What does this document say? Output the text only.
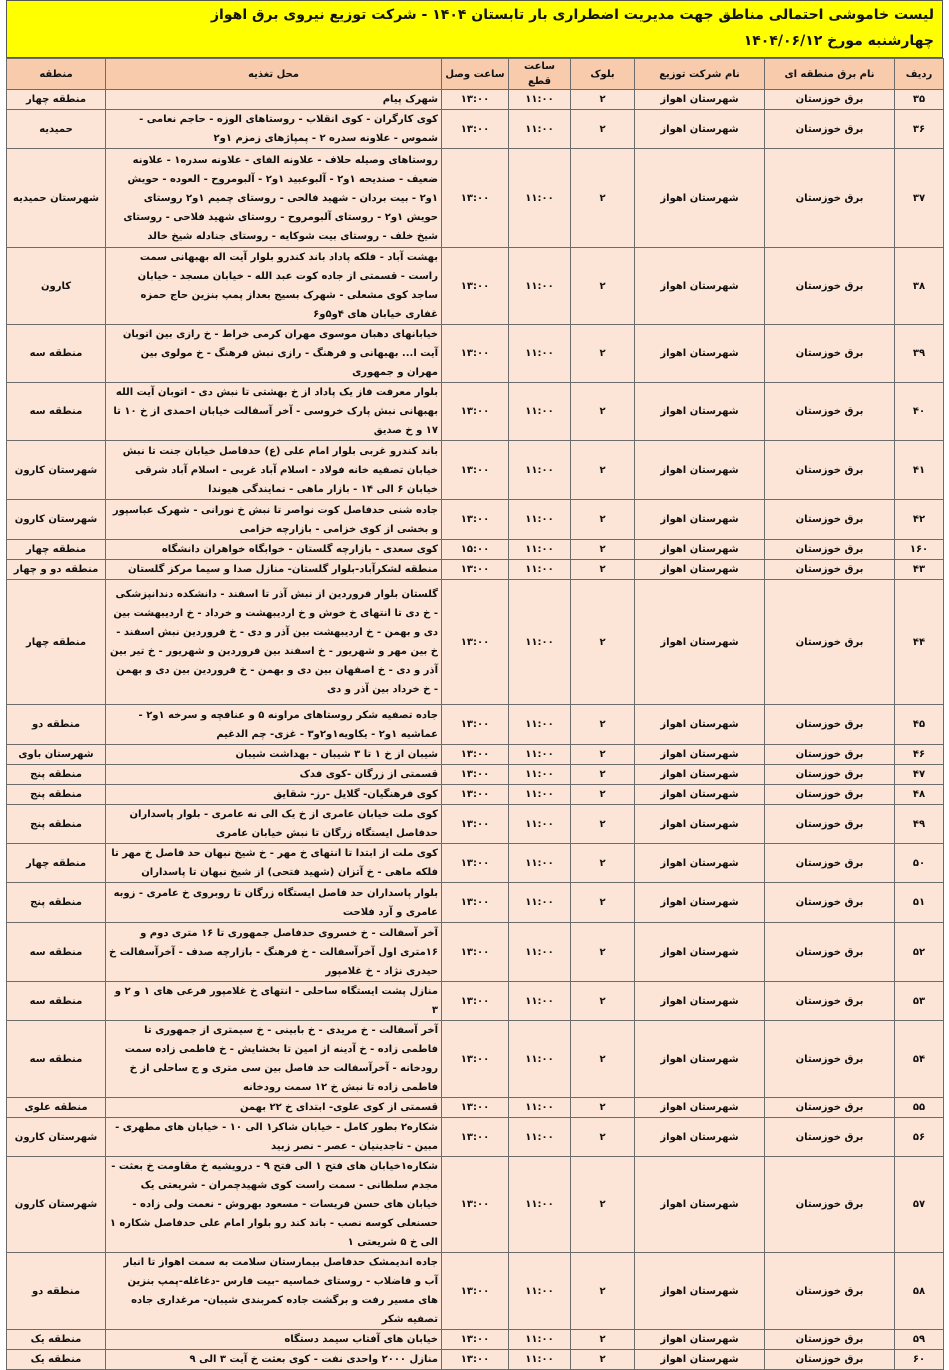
لیست خاموشی احتمالی مناطق جهت مدیریت اضطراری بار تابستان ۱۴۰۴ - شرکت توزیع نیروی برق اهواز
چهارشنبه مورخ ۱۴۰۴/۰۶/۱۲
ردیف	نام برق منطقه ای	نام شرکت توزیع	بلوک	ساعت قطع	ساعت وصل	محل تغذیه	منطقه
۳۵	برق خوزستان	شهرستان اهواز	۲	۱۱:۰۰	۱۳:۰۰	شهرک پیام	منطقه چهار
۳۶	برق خوزستان	شهرستان اهواز	۲	۱۱:۰۰	۱۳:۰۰	کوی کارگران - کوی انقلاب - روستاهای الوزه - حاجم نعامی - شموس - علاونه سدره ۲ - پمپاژهای زمزم ۱و۲	حمیدیه
۳۷	برق خوزستان	شهرستان اهواز	۲	۱۱:۰۰	۱۳:۰۰	روستاهای وصیله حلاف - علاونه الفای - علاونه سدره۱ - علاونه ضعیف - صندیحه ۱و۲ - آلبوعبید ۱و۲ - آلبومروح - العوده - حویش ۱و۲ - بیت بردان - شهید فالحی - روستای چمیم ۱و۲ روستای حویش ۱و۲ - روستای آلبومروح - روستای شهید فلاحی - روستای شیخ خلف - روستای بیت شوکایه - روستای جنادله شیخ خالد	شهرستان حمیدیه
۳۸	برق خوزستان	شهرستان اهواز	۲	۱۱:۰۰	۱۳:۰۰	بهشت آباد - فلکه پاداد باند کندرو بلوار آیت اله بهبهانی سمت راست - قسمتی از جاده کوت عبد الله - خیابان مسجد - خیابان ساجد کوی مشعلی - شهرک بسیج بعداز پمپ بنزین حاج حمزه غفاری خیابان های ۴و۵و۶	کارون
۳۹	برق خوزستان	شهرستان اهواز	۲	۱۱:۰۰	۱۳:۰۰	خیابانهای دهبان موسوی مهران کرمی خراط - خ رازی بین اتوبان آیت ا... بهبهانی و فرهنگ - رازی نبش فرهنگ - خ مولوی بین مهران و جمهوری	منطقه سه
۴۰	برق خوزستان	شهرستان اهواز	۲	۱۱:۰۰	۱۳:۰۰	بلوار معرفت فاز یک پاداد از خ بهشتی تا نبش دی - اتوبان آیت الله بهبهانی نبش پارک خروسی - آخر آسفالت خیابان احمدی از خ ۱۰ تا ۱۷ و خ صدیق	منطقه سه
۴۱	برق خوزستان	شهرستان اهواز	۲	۱۱:۰۰	۱۳:۰۰	باند کندرو غربی بلوار امام علی (ع) حدفاصل خیابان جنت تا نبش خیابان تصفیه خانه فولاد - اسلام آباد غربی - اسلام آباد شرقی خیابان ۶ الی ۱۴ - بازار ماهی - نمایندگی هیوندا	شهرستان کارون
۴۲	برق خوزستان	شهرستان اهواز	۲	۱۱:۰۰	۱۳:۰۰	جاده شنی حدفاصل کوت نواصر تا نبش خ نورانی - شهرک عباسپور و بخشی از کوی خزامی - بازارچه خزامی	شهرستان کارون
۱۶۰	برق خوزستان	شهرستان اهواز	۲	۱۱:۰۰	۱۵:۰۰	کوی سعدی - بازارچه گلستان - خوابگاه خواهران دانشگاه	منطقه چهار
۴۳	برق خوزستان	شهرستان اهواز	۲	۱۱:۰۰	۱۳:۰۰	منطقه لشکرآباد-بلوار گلستان- منازل صدا و سیما مرکز گلستان	منطقه دو و چهار
۴۴	برق خوزستان	شهرستان اهواز	۲	۱۱:۰۰	۱۳:۰۰	گلستان بلوار فروردین از نبش آذر تا اسفند - دانشکده دندانپزشکی - خ دی تا انتهای خ خوش و خ اردیبهشت و خرداد - خ اردیبهشت بین دی و بهمن - خ اردیبهشت بین آذر و دی - خ فروردین نبش اسفند - خ بین مهر و شهریور - خ اسفند بین فروردین و شهریور - خ تیر بین آذر و دی - خ اصفهان بین دی و بهمن - خ فروردین بین دی و بهمن - خ خرداد بین آذر و دی	منطقه چهار
۴۵	برق خوزستان	شهرستان اهواز	۲	۱۱:۰۰	۱۳:۰۰	جاده تصفیه شکر روستاهای مراونه ۵ و عنافچه و سرخه ۱و۲ - عماشیه ۱و۲ - یکاویه۱و۲و۳ - غزی- چم الدغیم	منطقه دو
۴۶	برق خوزستان	شهرستان اهواز	۲	۱۱:۰۰	۱۳:۰۰	شیبان از خ ۱ تا ۳ شیبان - بهداشت شیبان	شهرستان باوی
۴۷	برق خوزستان	شهرستان اهواز	۲	۱۱:۰۰	۱۳:۰۰	قسمتی از زرگان -کوی فدک	منطقه پنج
۴۸	برق خوزستان	شهرستان اهواز	۲	۱۱:۰۰	۱۳:۰۰	کوی فرهنگیان- گلایل -رز- شقایق	منطقه پنج
۴۹	برق خوزستان	شهرستان اهواز	۲	۱۱:۰۰	۱۳:۰۰	کوی ملت خیابان عامری از خ یک الی نه عامری - بلوار پاسداران حدفاصل ایستگاه زرگان تا نبش خیابان عامری	منطقه پنج
۵۰	برق خوزستان	شهرستان اهواز	۲	۱۱:۰۰	۱۳:۰۰	کوی ملت از ابتدا تا انتهای خ مهر - خ شیخ نبهان حد فاصل خ مهر تا فلکه ماهی - خ آتزان (شهید فتحی) از شیخ نبهان تا پاسداران	منطقه چهار
۵۱	برق خوزستان	شهرستان اهواز	۲	۱۱:۰۰	۱۳:۰۰	بلوار پاسداران حد فاصل ایستگاه زرگان تا روبروی خ عامری - زوبه عامری و آرد فلاحت	منطقه پنج
۵۲	برق خوزستان	شهرستان اهواز	۲	۱۱:۰۰	۱۳:۰۰	آخر آسفالت - خ خسروی حدفاصل جمهوری تا ۱۶ متری دوم و ۱۶متری اول آخرآسفالت - خ فرهنگ - بازارچه صدف - آخرآسفالت خ حیدری نژاد - خ غلامپور	منطقه سه
۵۳	برق خوزستان	شهرستان اهواز	۲	۱۱:۰۰	۱۳:۰۰	منازل پشت ایستگاه ساحلی - انتهای خ غلامپور فرعی های ۱ و ۲ و ۳	منطقه سه
۵۴	برق خوزستان	شهرستان اهواز	۲	۱۱:۰۰	۱۳:۰۰	آخر آسفالت - خ مریدی - خ بابینی - خ سیمتری از جمهوری تا فاطمی زاده - خ آدینه از امین تا بخشایش - خ فاطمی زاده سمت رودخانه - آخرآسفالت حد فاصل بین سی متری و ج ساحلی از خ فاطمی زاده تا نبش خ ۱۲ سمت رودخانه	منطقه سه
۵۵	برق خوزستان	شهرستان اهواز	۲	۱۱:۰۰	۱۳:۰۰	قسمتی از کوی علوی- ابتدای خ ۲۲ بهمن	منطقه علوی
۵۶	برق خوزستان	شهرستان اهواز	۲	۱۱:۰۰	۱۳:۰۰	شکاره۲ بطور کامل - خیابان شاکر۱ الی ۱۰ - خیابان های مطهری - مبین - تاجدینیان - عصر - نصر زبید	شهرستان کارون
۵۷	برق خوزستان	شهرستان اهواز	۲	۱۱:۰۰	۱۳:۰۰	شکاره۱خیابان های فتح ۱ الی فتح ۹ - درویشیه خ مقاومت خ بعثت - مجدم سلطانی - سمت راست کوی شهیدچمران - شریعتی یک خیابان های حسن فریسات - مسعود بهروش - نعمت ولی زاده - حسنعلی کوسه نصب - باند کند رو بلوار امام علی حدفاصل شکاره ۱ الی خ ۵ شریعتی ۱	شهرستان کارون
۵۸	برق خوزستان	شهرستان اهواز	۲	۱۱:۰۰	۱۳:۰۰	جاده اندیمشک حدفاصل بیمارستان سلامت به سمت اهواز تا انبار آب و فاضلاب - روستای خماسیه -بیت فارس -دغاغله-پمپ بنزین های مسیر رفت و برگشت جاده کمربندی شیبان- مرغداری جاده تصفیه شکر	منطقه دو
۵۹	برق خوزستان	شهرستان اهواز	۲	۱۱:۰۰	۱۳:۰۰	خیابان های آفتاب سیمد دستگاه	منطقه یک
۶۰	برق خوزستان	شهرستان اهواز	۲	۱۱:۰۰	۱۳:۰۰	منازل ۲۰۰۰ واحدی نفت - کوی بعثت خ آیت ۳ الی ۹	منطقه یک
